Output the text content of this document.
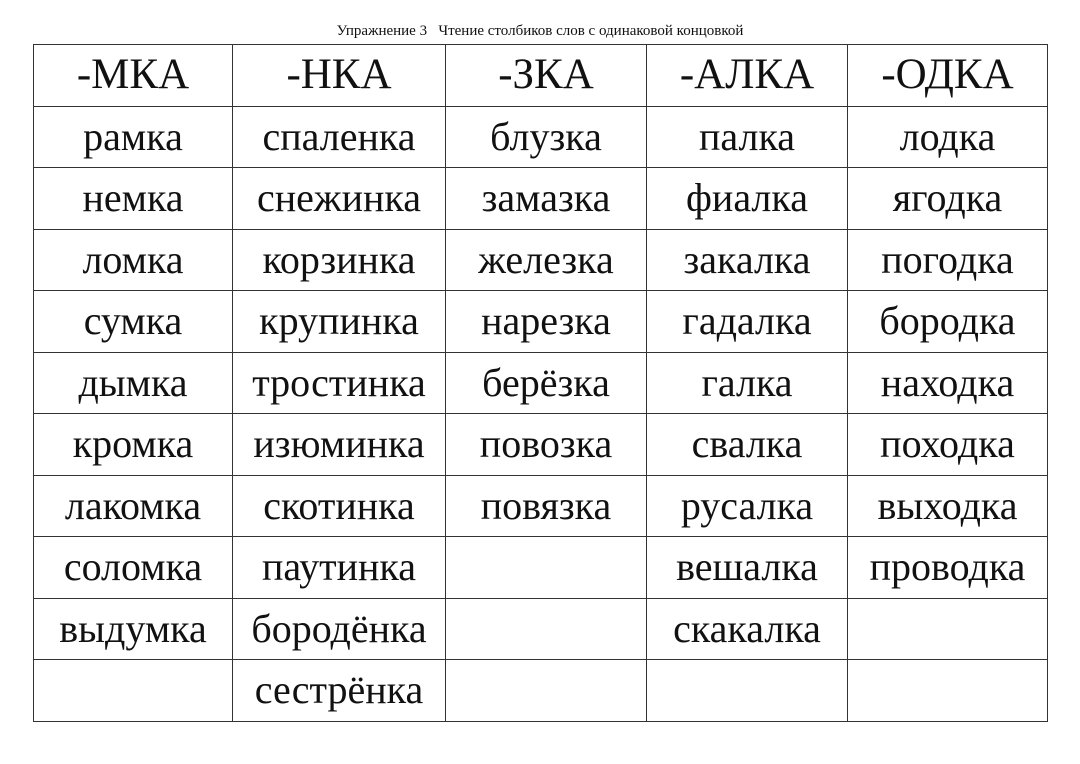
Упражнение 3   Чтение столбиков слов с одинаковой концовкой
-МКА	-НКА	-ЗКА	-АЛКА	-ОДКА
рамка	спаленка	блузка	палка	лодка
немка	снежинка	замазка	фиалка	ягодка
ломка	корзинка	железка	закалка	погодка
сумка	крупинка	нарезка	гадалка	бородка
дымка	тростинка	берёзка	галка	находка
кромка	изюминка	повозка	свалка	походка
лакомка	скотинка	повязка	русалка	выходка
соломка	паутинка		вешалка	проводка
выдумка	бородёнка		скакалка	
	сестрёнка			
